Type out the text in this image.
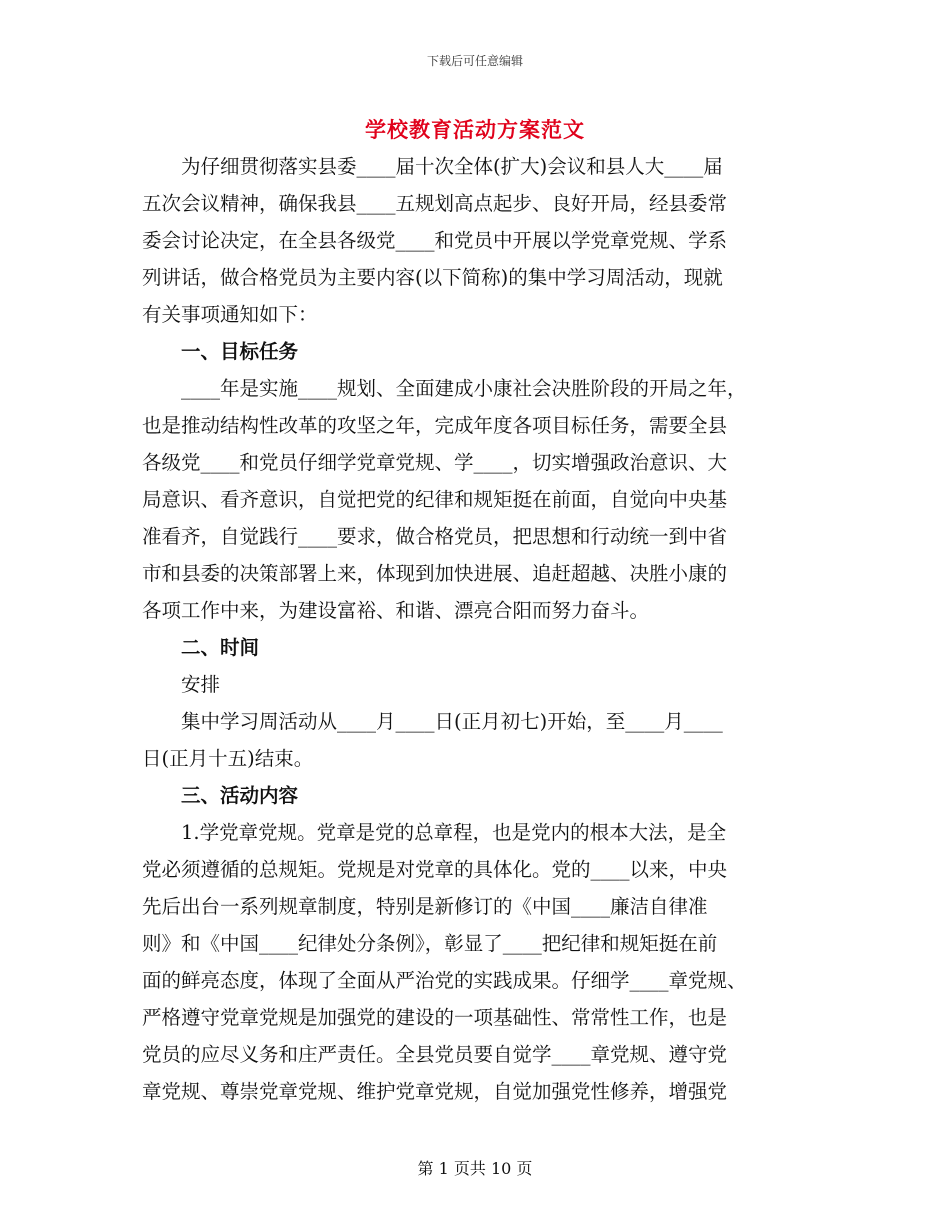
下载后可任意编辑
学校教育活动方案范文
　　为仔细贯彻落实县委____届十次全体(扩大)会议和县人大____届
五次会议精神，确保我县____五规划高点起步、良好开局，经县委常
委会讨论决定，在全县各级党____和党员中开展以学党章党规、学系
列讲话，做合格党员为主要内容(以下简称)的集中学习周活动，现就
有关事项通知如下：
　　一、目标任务
　　____年是实施____规划、全面建成小康社会决胜阶段的开局之年，
也是推动结构性改革的攻坚之年，完成年度各项目标任务，需要全县
各级党____和党员仔细学党章党规、学____，切实增强政治意识、大
局意识、看齐意识，自觉把党的纪律和规矩挺在前面，自觉向中央基
准看齐，自觉践行____要求，做合格党员，把思想和行动统一到中省
市和县委的决策部署上来，体现到加快进展、追赶超越、决胜小康的
各项工作中来，为建设富裕、和谐、漂亮合阳而努力奋斗。
　　二、时间
　　安排
　　集中学习周活动从____月____日(正月初七)开始，至____月____
日(正月十五)结束。
　　三、活动内容
　　1.学党章党规。党章是党的总章程，也是党内的根本大法，是全
党必须遵循的总规矩。党规是对党章的具体化。党的____以来，中央
先后出台一系列规章制度，特别是新修订的《中国____廉洁自律准
则》和《中国____纪律处分条例》，彰显了____把纪律和规矩挺在前
面的鲜亮态度，体现了全面从严治党的实践成果。仔细学____章党规、
严格遵守党章党规是加强党的建设的一项基础性、常常性工作，也是
党员的应尽义务和庄严责任。全县党员要自觉学____章党规、遵守党
章党规、尊崇党章党规、维护党章党规，自觉加强党性修养，增强党
第 1 页共 10 页
